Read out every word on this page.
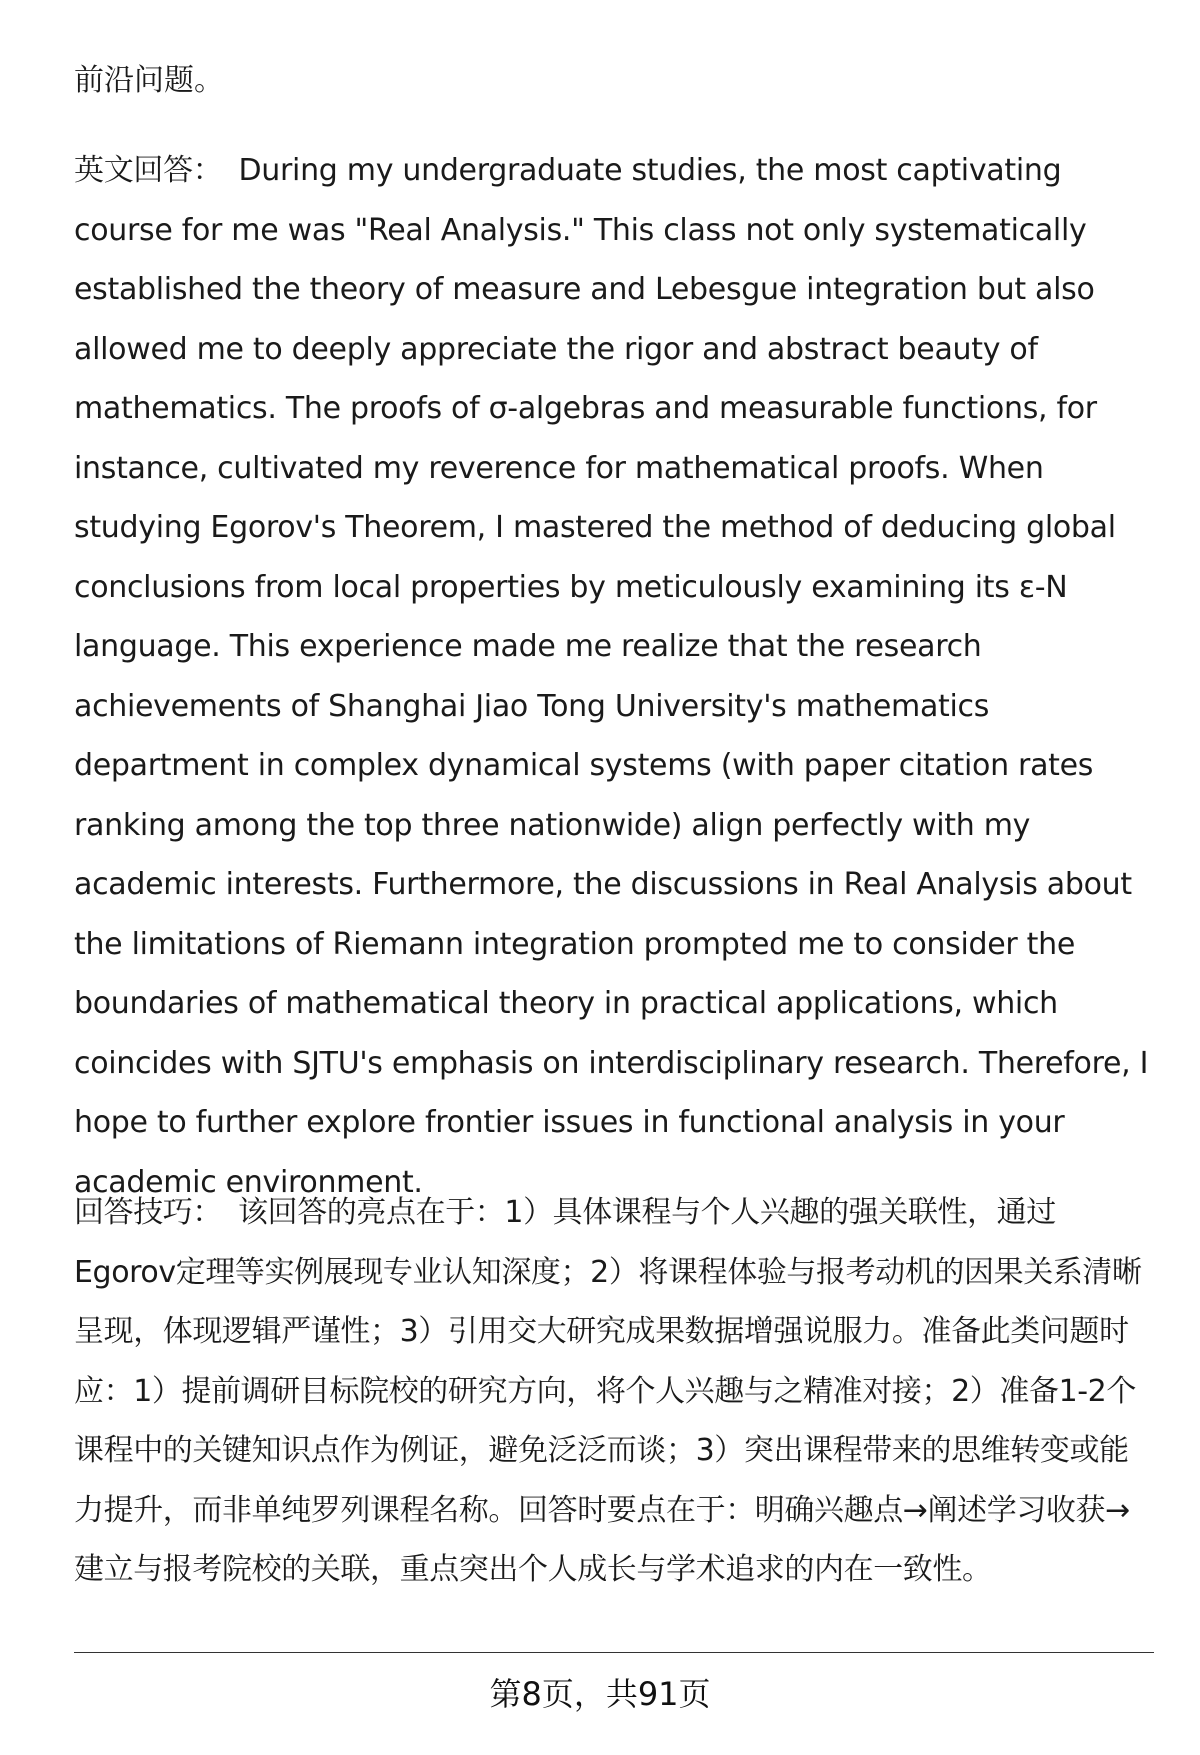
前沿问题。

英文回答： During my undergraduate studies, the most captivating course for me was "Real Analysis." This class not only systematically established the theory of measure and Lebesgue integration but also allowed me to deeply appreciate the rigor and abstract beauty of mathematics. The proofs of σ-algebras and measurable functions, for instance, cultivated my reverence for mathematical proofs. When studying Egorov's Theorem, I mastered the method of deducing global conclusions from local properties by meticulously examining its ε-N language. This experience made me realize that the research achievements of Shanghai Jiao Tong University's mathematics department in complex dynamical systems (with paper citation rates ranking among the top three nationwide) align perfectly with my academic interests. Furthermore, the discussions in Real Analysis about the limitations of Riemann integration prompted me to consider the boundaries of mathematical theory in practical applications, which coincides with SJTU's emphasis on interdisciplinary research. Therefore, I hope to further explore frontier issues in functional analysis in your academic environment.

回答技巧： 该回答的亮点在于：1）具体课程与个人兴趣的强关联性，通过Egorov定理等实例展现专业认知深度；2）将课程体验与报考动机的因果关系清晰呈现，体现逻辑严谨性；3）引用交大研究成果数据增强说服力。准备此类问题时应：1）提前调研目标院校的研究方向，将个人兴趣与之精准对接；2）准备1-2个课程中的关键知识点作为例证，避免泛泛而谈；3）突出课程带来的思维转变或能力提升，而非单纯罗列课程名称。回答时要点在于：明确兴趣点→阐述学习收获→建立与报考院校的关联，重点突出个人成长与学术追求的内在一致性。

第8页，共91页
